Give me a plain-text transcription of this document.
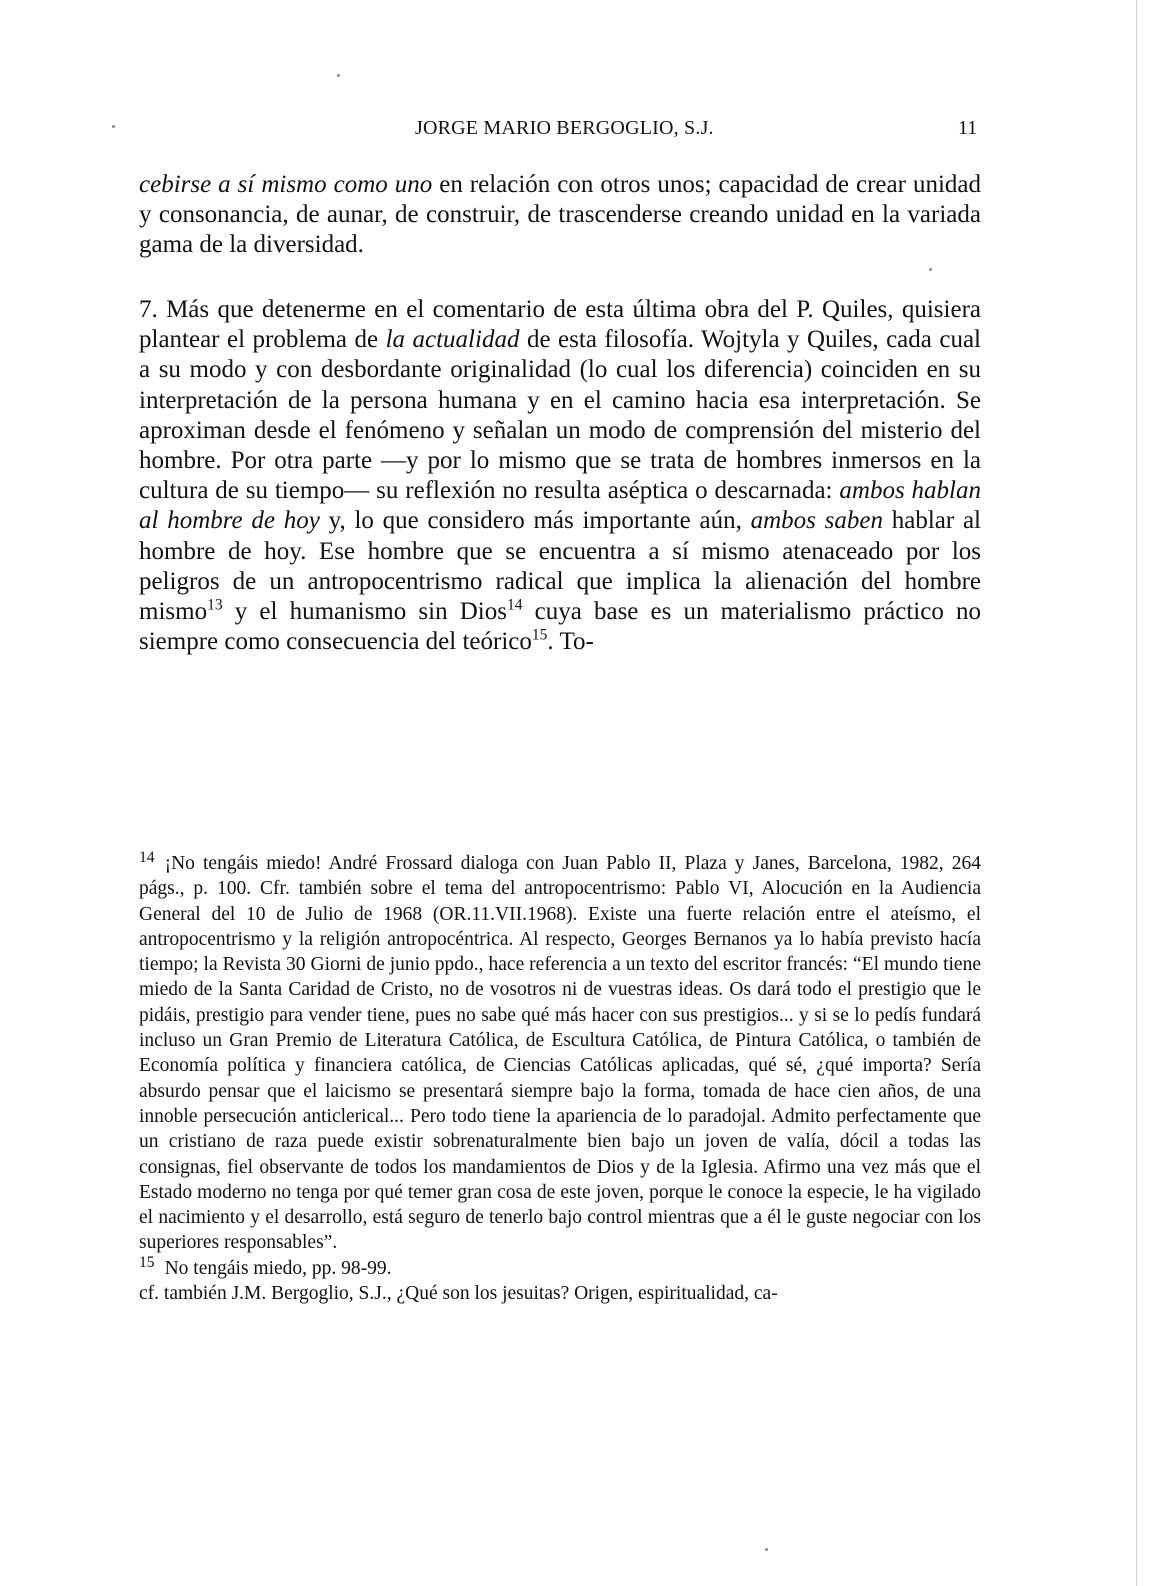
JORGE MARIO BERGOGLIO, S.J.	11

cebirse a sí mismo como uno en relación con otros unos; capacidad de crear unidad y consonancia, de aunar, de construir, de trascenderse creando unidad en la variada gama de la diversidad.

7. Más que detenerme en el comentario de esta última obra del P. Quiles, quisiera plantear el problema de la actualidad de esta filosofía. Wojtyla y Quiles, cada cual a su modo y con desbordante originalidad (lo cual los diferencia) coinciden en su interpretación de la persona humana y en el camino hacia esa interpretación. Se aproximan desde el fenómeno y señalan un modo de comprensión del misterio del hombre. Por otra parte —y por lo mismo que se trata de hombres inmersos en la cultura de su tiempo— su reflexión no resulta aséptica o descarnada: ambos hablan al hombre de hoy y, lo que considero más importante aún, ambos saben hablar al hombre de hoy. Ese hombre que se encuentra a sí mismo atenaceado por los peligros de un antropocentrismo radical que implica la alienación del hombre mismo$^{13}$ y el humanismo sin Dios$^{14}$ cuya base es un materialismo práctico no siempre como consecuencia del teórico$^{15}$. To-

$^{14}$ ¡No tengáis miedo! André Frossard dialoga con Juan Pablo II, Plaza y Janes, Barcelona, 1982, 264 págs., p. 100. Cfr. también sobre el tema del antropocentrismo: Pablo VI, Alocución en la Audiencia General del 10 de Julio de 1968 (OR.11.VII.1968). Existe una fuerte relación entre el ateísmo, el antropocentrismo y la religión antropocéntrica. Al respecto, Georges Bernanos ya lo había previsto hacía tiempo; la Revista 30 Giorni de junio ppdo., hace referencia a un texto del escritor francés: “El mundo tiene miedo de la Santa Caridad de Cristo, no de vosotros ni de vuestras ideas. Os dará todo el prestigio que le pidáis, prestigio para vender tiene, pues no sabe qué más hacer con sus prestigios... y si se lo pedís fundará incluso un Gran Premio de Literatura Católica, de Escultura Católica, de Pintura Católica, o también de Economía política y financiera católica, de Ciencias Católicas aplicadas, qué sé, ¿qué importa? Sería absurdo pensar que el laicismo se presentará siempre bajo la forma, tomada de hace cien años, de una innoble persecución anticlerical... Pero todo tiene la apariencia de lo paradojal. Admito perfectamente que un cristiano de raza puede existir sobrenaturalmente bien bajo un joven de valía, dócil a todas las consignas, fiel observante de todos los mandamientos de Dios y de la Iglesia. Afirmo una vez más que el Estado moderno no tenga por qué temer gran cosa de este joven, porque le conoce la especie, le ha vigilado el nacimiento y el desarrollo, está seguro de tenerlo bajo control mientras que a él le guste negociar con los superiores responsables”.

$^{15}$ No tengáis miedo, pp. 98-99.

cf. también J.M. Bergoglio, S.J., ¿Qué son los jesuitas? Origen, espiritualidad, ca-
